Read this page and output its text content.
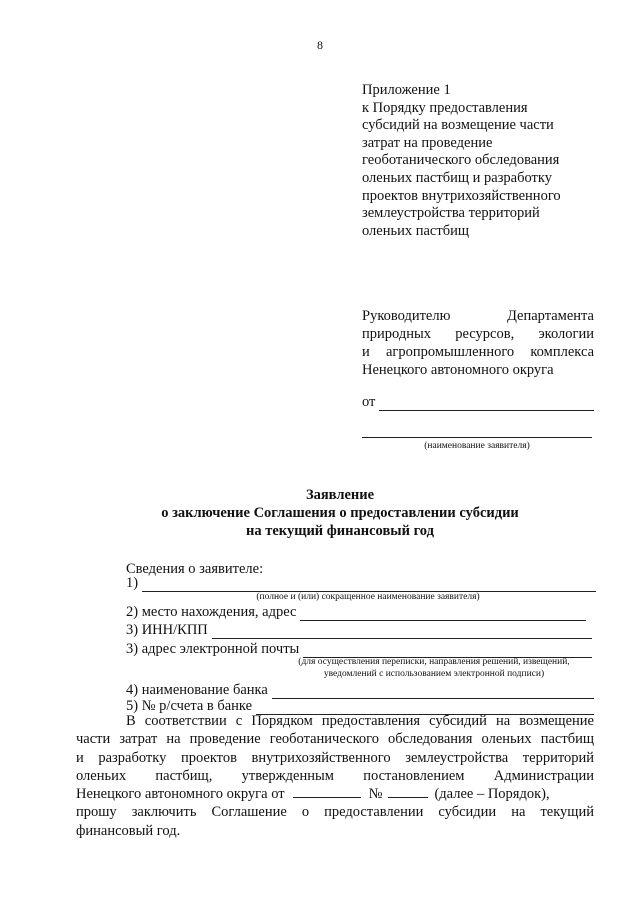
8
Приложение 1
к Порядку предоставления
субсидий на возмещение части
затрат на проведение
геоботанического обследования
оленьих пастбищ и разработку
проектов внутрихозяйственного
землеустройства территорий
оленьих пастбищ
Руководителю Департамента
природных ресурсов, экологии
и агропромышленного комплекса
Ненецкого автономного округа
от
(наименование заявителя)
Заявление
о заключение Соглашения о предоставлении субсидии
на текущий финансовый год
Сведения о заявителе:
1)
(полное и (или) сокращенное наименование заявителя)
2) место нахождения, адрес
3) ИНН/КПП
3) адрес электронной почты
(для осуществления переписки, направления решений, извещений,
уведомлений с использованием электронной подписи)
4) наименование банка
5) № р/счета в банке
В соответствии с Порядком предоставления субсидий на возмещение
части затрат на проведение геоботанического обследования оленьих пастбищ
и разработку проектов внутрихозяйственного землеустройства территорий
оленьих пастбищ, утвержденным постановлением Администрации
Ненецкого автономного округа от	№	(далее – Порядок),
прошу заключить Соглашение о предоставлении субсидии на текущий
финансовый год.
